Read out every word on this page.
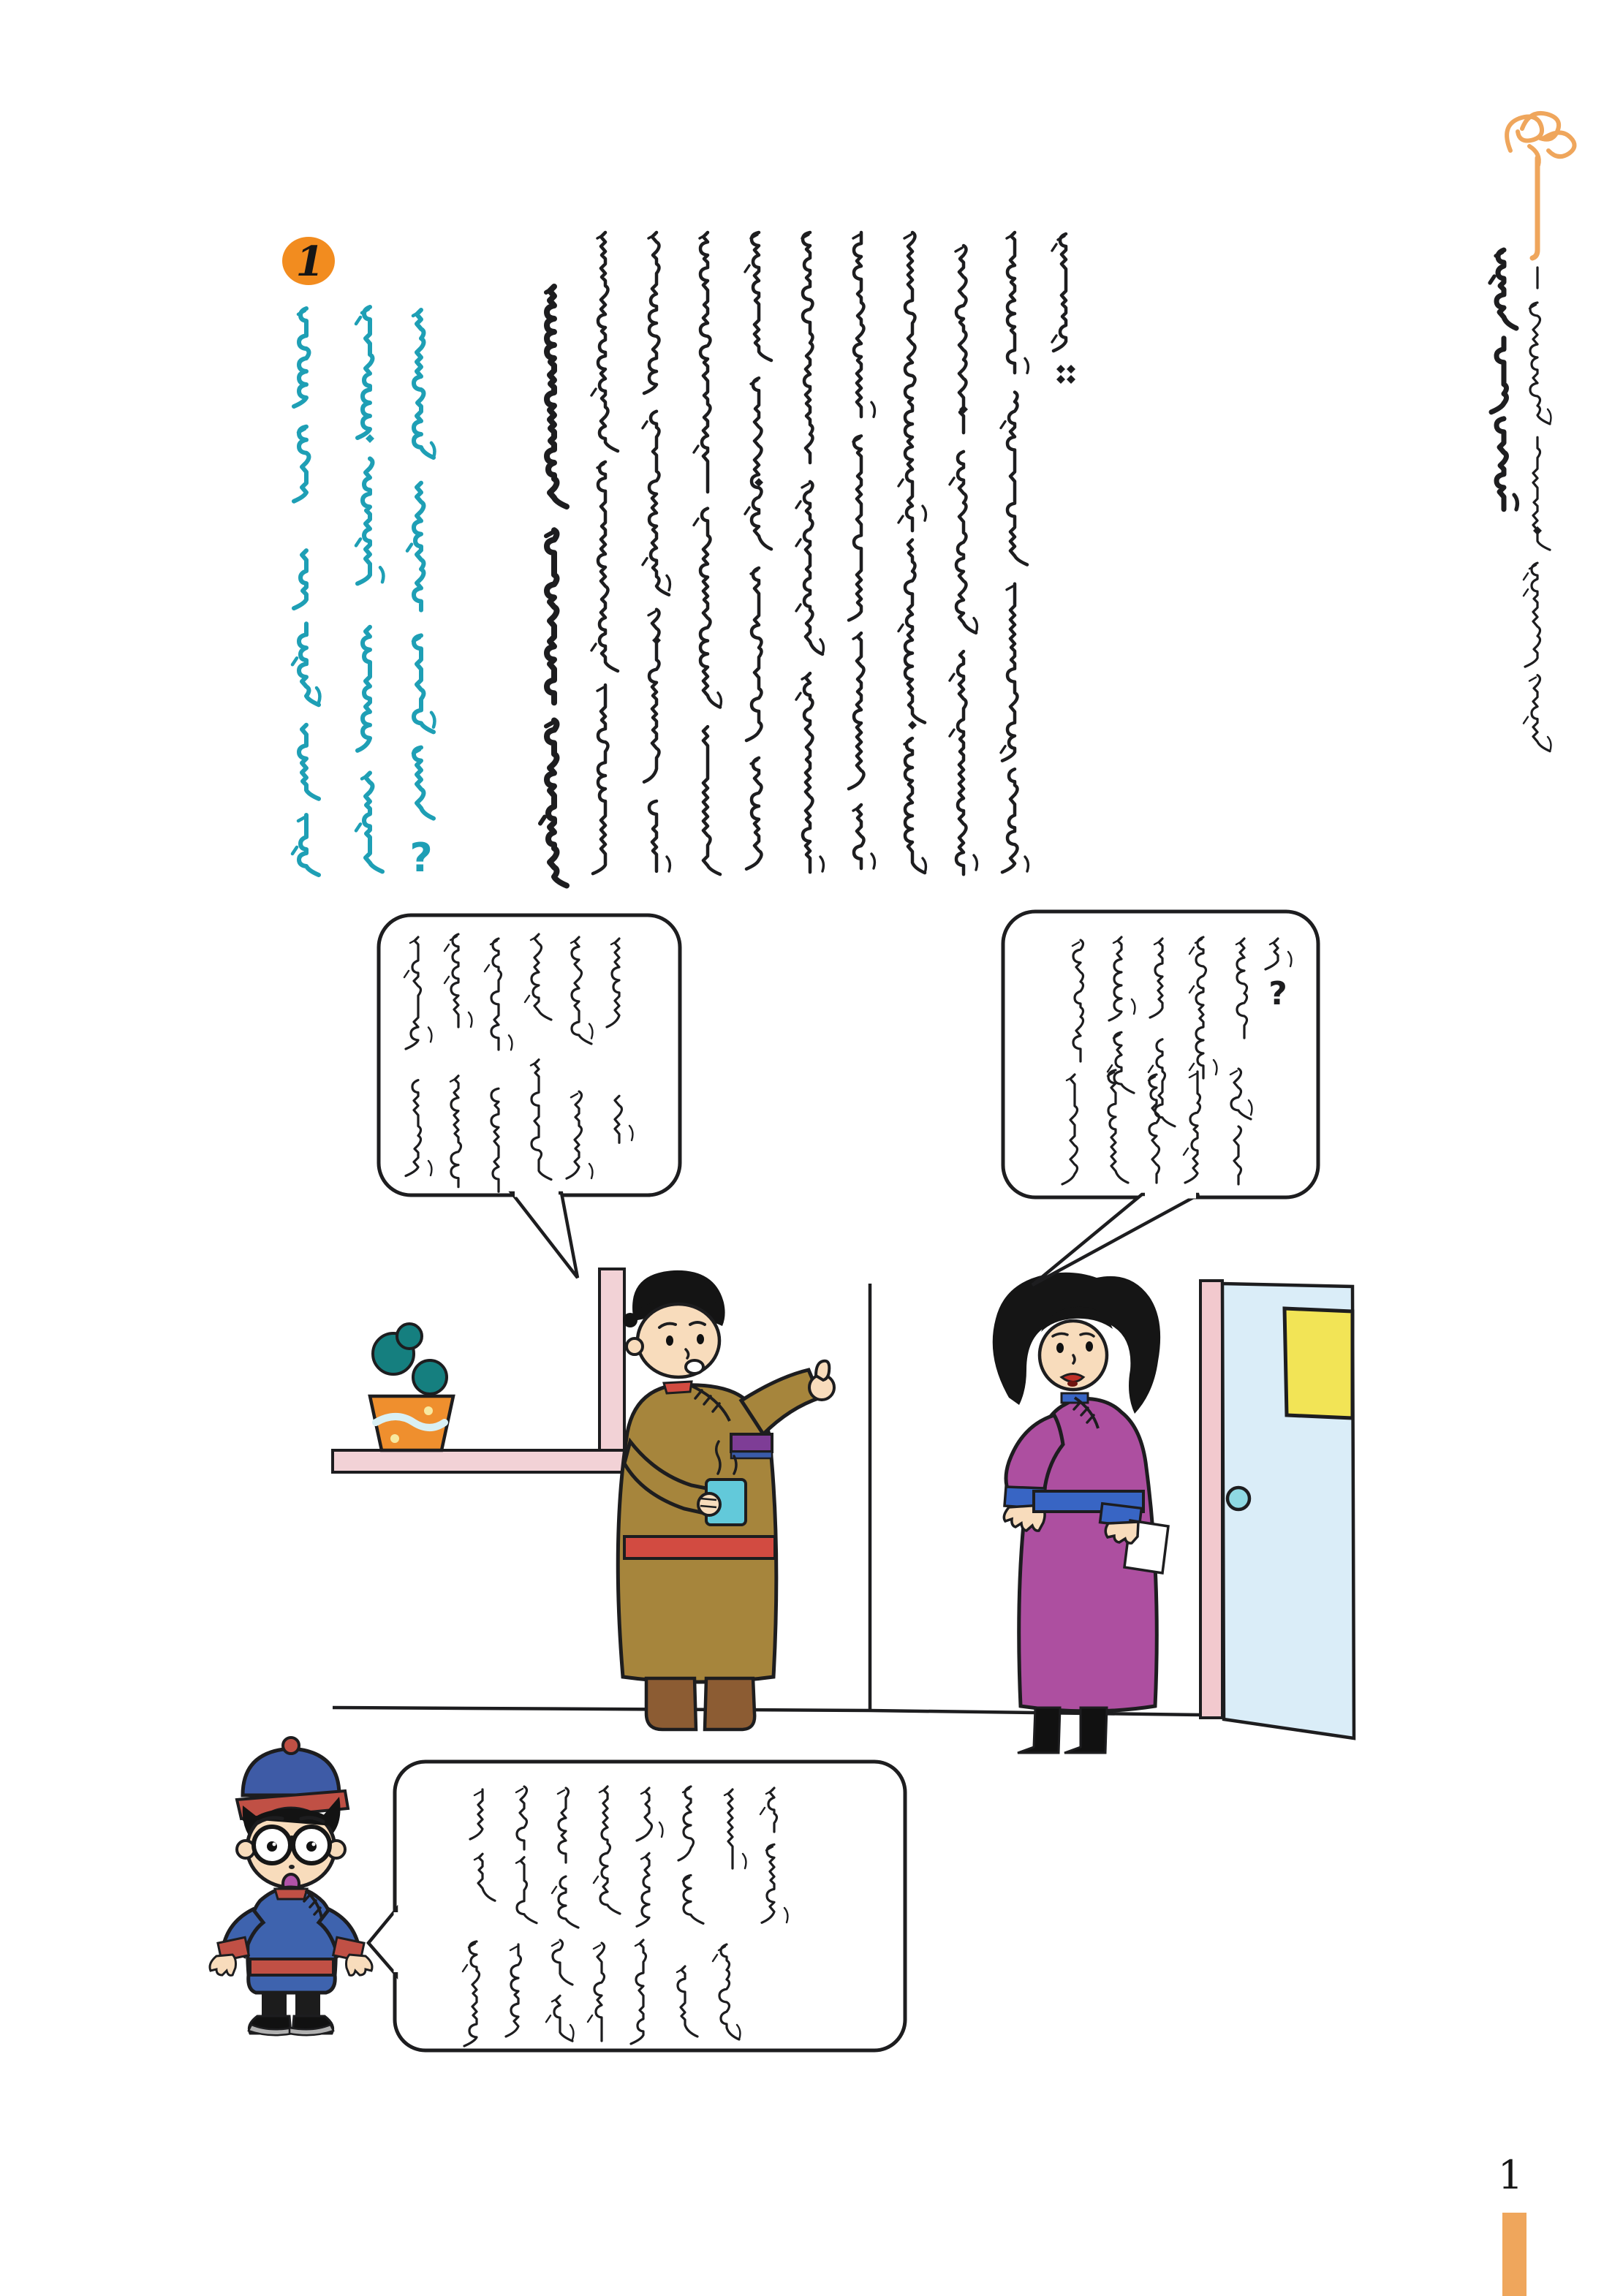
1
?
?
1
